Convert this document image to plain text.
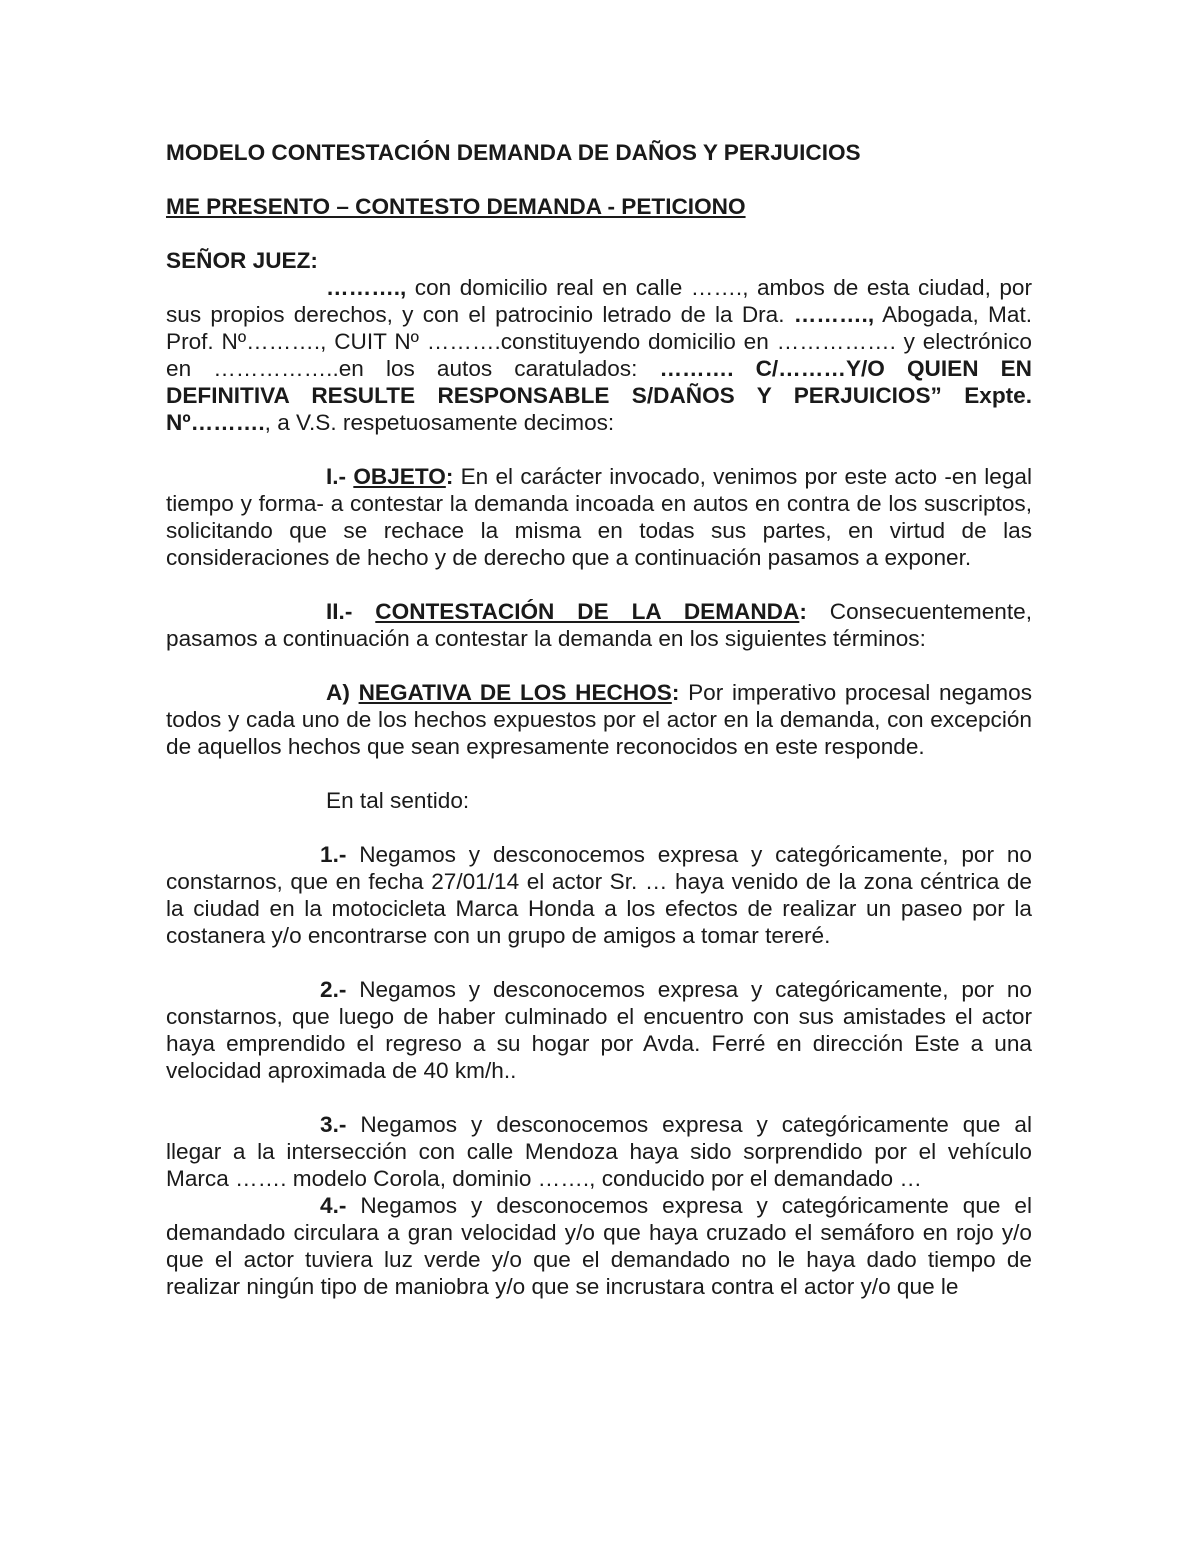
MODELO CONTESTACIÓN DEMANDA DE DAÑOS Y PERJUICIOS

ME PRESENTO – CONTESTO DEMANDA - PETICIONO

SEÑOR JUEZ:

………., con domicilio real en calle ……., ambos de esta ciudad, por sus propios derechos, y con el patrocinio letrado de la Dra. ………., Abogada, Mat. Prof. Nº………., CUIT Nº ……….constituyendo domicilio en ……………. y electrónico en ……………..en los autos caratulados: ………. C/………Y/O QUIEN EN DEFINITIVA RESULTE RESPONSABLE S/DAÑOS Y PERJUICIOS” Expte. Nº………., a V.S. respetuosamente decimos:

I.- OBJETO: En el carácter invocado, venimos por este acto -en legal tiempo y forma- a contestar la demanda incoada en autos en contra de los suscriptos, solicitando que se rechace la misma en todas sus partes, en virtud de las consideraciones de hecho y de derecho que a continuación pasamos a exponer.

II.- CONTESTACIÓN DE LA DEMANDA: Consecuentemente, pasamos a continuación a contestar la demanda en los siguientes términos:

A) NEGATIVA DE LOS HECHOS: Por imperativo procesal negamos todos y cada uno de los hechos expuestos por el actor en la demanda, con excepción de aquellos hechos que sean expresamente reconocidos en este responde.

En tal sentido:

1.- Negamos y desconocemos expresa y categóricamente, por no constarnos, que en fecha 27/01/14 el actor Sr. … haya venido de la zona céntrica de la ciudad en la motocicleta Marca Honda a los efectos de realizar un paseo por la costanera y/o encontrarse con un grupo de amigos a tomar tereré.

2.- Negamos y desconocemos expresa y categóricamente, por no constarnos, que luego de haber culminado el encuentro con sus amistades el actor haya emprendido el regreso a su hogar por Avda. Ferré en dirección Este a una velocidad aproximada de 40 km/h..

3.- Negamos y desconocemos expresa y categóricamente que al llegar a la intersección con calle Mendoza haya sido sorprendido por el vehículo Marca ……. modelo Corola, dominio ……., conducido por el demandado …

4.- Negamos y desconocemos expresa y categóricamente que el demandado circulara a gran velocidad y/o que haya cruzado el semáforo en rojo y/o que el actor tuviera luz verde y/o que el demandado no le haya dado tiempo de realizar ningún tipo de maniobra y/o que se incrustara contra el actor y/o que le
